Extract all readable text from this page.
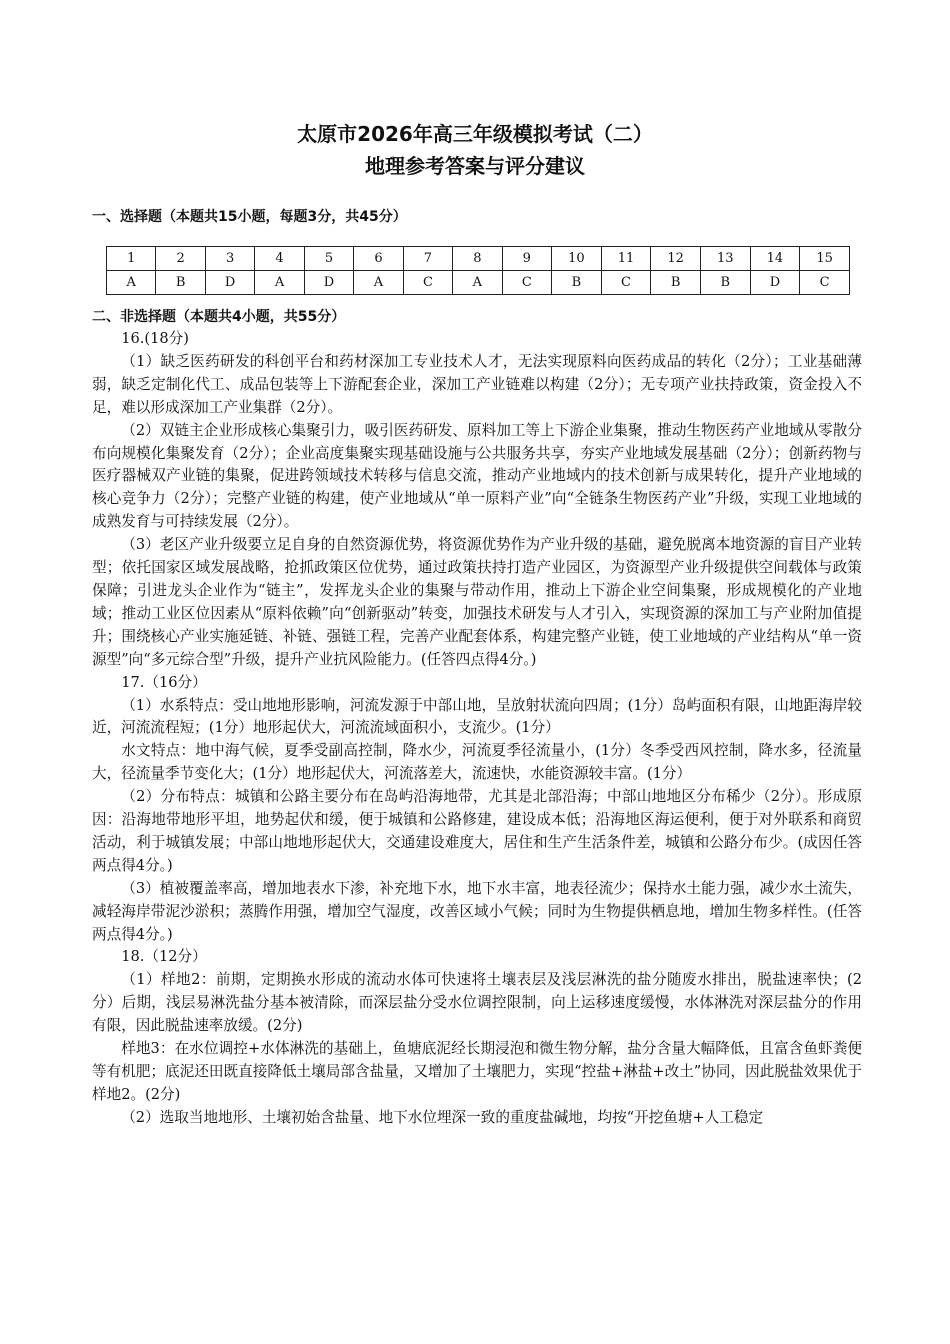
太原市2026年高三年级模拟考试（二）
地理参考答案与评分建议
一、选择题（本题共15小题，每题3分，共45分）
1	2	3	4	5	6	7	8	9	10	11	12	13	14	15
A	B	D	A	D	A	C	A	C	B	C	B	B	D	C
二、非选择题（本题共4小题，共55分）

16.(18分)

（1）缺乏医药研发的科创平台和药材深加工专业技术人才，无法实现原料向医药成品的转化（2分）；工业基础薄弱，缺乏定制化代工、成品包装等上下游配套企业，深加工产业链难以构建（2分）；无专项产业扶持政策，资金投入不足，难以形成深加工产业集群（2分）。

（2）双链主企业形成核心集聚引力，吸引医药研发、原料加工等上下游企业集聚，推动生物医药产业地域从零散分布向规模化集聚发育（2分）；企业高度集聚实现基础设施与公共服务共享，夯实产业地域发展基础（2分）；创新药物与医疗器械双产业链的集聚，促进跨领域技术转移与信息交流，推动产业地域内的技术创新与成果转化，提升产业地域的核心竞争力（2分）；完整产业链的构建，使产业地域从“单一原料产业”向“全链条生物医药产业”升级，实现工业地域的成熟发育与可持续发展（2分）。

（3）老区产业升级要立足自身的自然资源优势，将资源优势作为产业升级的基础，避免脱离本地资源的盲目产业转型；依托国家区域发展战略，抢抓政策区位优势，通过政策扶持打造产业园区，为资源型产业升级提供空间载体与政策保障；引进龙头企业作为“链主”，发挥龙头企业的集聚与带动作用，推动上下游企业空间集聚，形成规模化的产业地域；推动工业区位因素从“原料依赖”向“创新驱动”转变，加强技术研发与人才引入，实现资源的深加工与产业附加值提升；围绕核心产业实施延链、补链、强链工程，完善产业配套体系，构建完整产业链，使工业地域的产业结构从“单一资源型”向“多元综合型”升级，提升产业抗风险能力。(任答四点得4分。)

17.（16分）

（1）水系特点：受山地地形影响，河流发源于中部山地，呈放射状流向四周；(1分）岛屿面积有限，山地距海岸较近，河流流程短；(1分）地形起伏大，河流流域面积小，支流少。(1分）

水文特点：地中海气候，夏季受副高控制，降水少，河流夏季径流量小，(1分）冬季受西风控制，降水多，径流量大，径流量季节变化大；(1分）地形起伏大，河流落差大，流速快，水能资源较丰富。(1分）

（2）分布特点：城镇和公路主要分布在岛屿沿海地带，尤其是北部沿海；中部山地地区分布稀少（2分）。形成原因：沿海地带地形平坦，地势起伏和缓，便于城镇和公路修建，建设成本低；沿海地区海运便利，便于对外联系和商贸活动，利于城镇发展；中部山地地形起伏大，交通建设难度大，居住和生产生活条件差，城镇和公路分布少。(成因任答两点得4分。)

（3）植被覆盖率高，增加地表水下渗，补充地下水，地下水丰富，地表径流少；保持水土能力强，减少水土流失，减轻海岸带泥沙淤积；蒸腾作用强，增加空气湿度，改善区域小气候；同时为生物提供栖息地，增加生物多样性。(任答两点得4分。)

18.（12分）

（1）样地2：前期，定期换水形成的流动水体可快速将土壤表层及浅层淋洗的盐分随废水排出，脱盐速率快；(2分）后期，浅层易淋洗盐分基本被清除，而深层盐分受水位调控限制，向上运移速度缓慢，水体淋洗对深层盐分的作用有限，因此脱盐速率放缓。(2分)

样地3：在水位调控+水体淋洗的基础上，鱼塘底泥经长期浸泡和微生物分解，盐分含量大幅降低，且富含鱼虾粪便等有机肥；底泥还田既直接降低土壤局部含盐量，又增加了土壤肥力，实现“控盐+淋盐+改土”协同，因此脱盐效果优于样地2。(2分)

（2）选取当地地形、土壤初始含盐量、地下水位埋深一致的重度盐碱地，均按“开挖鱼塘+人工稳定
